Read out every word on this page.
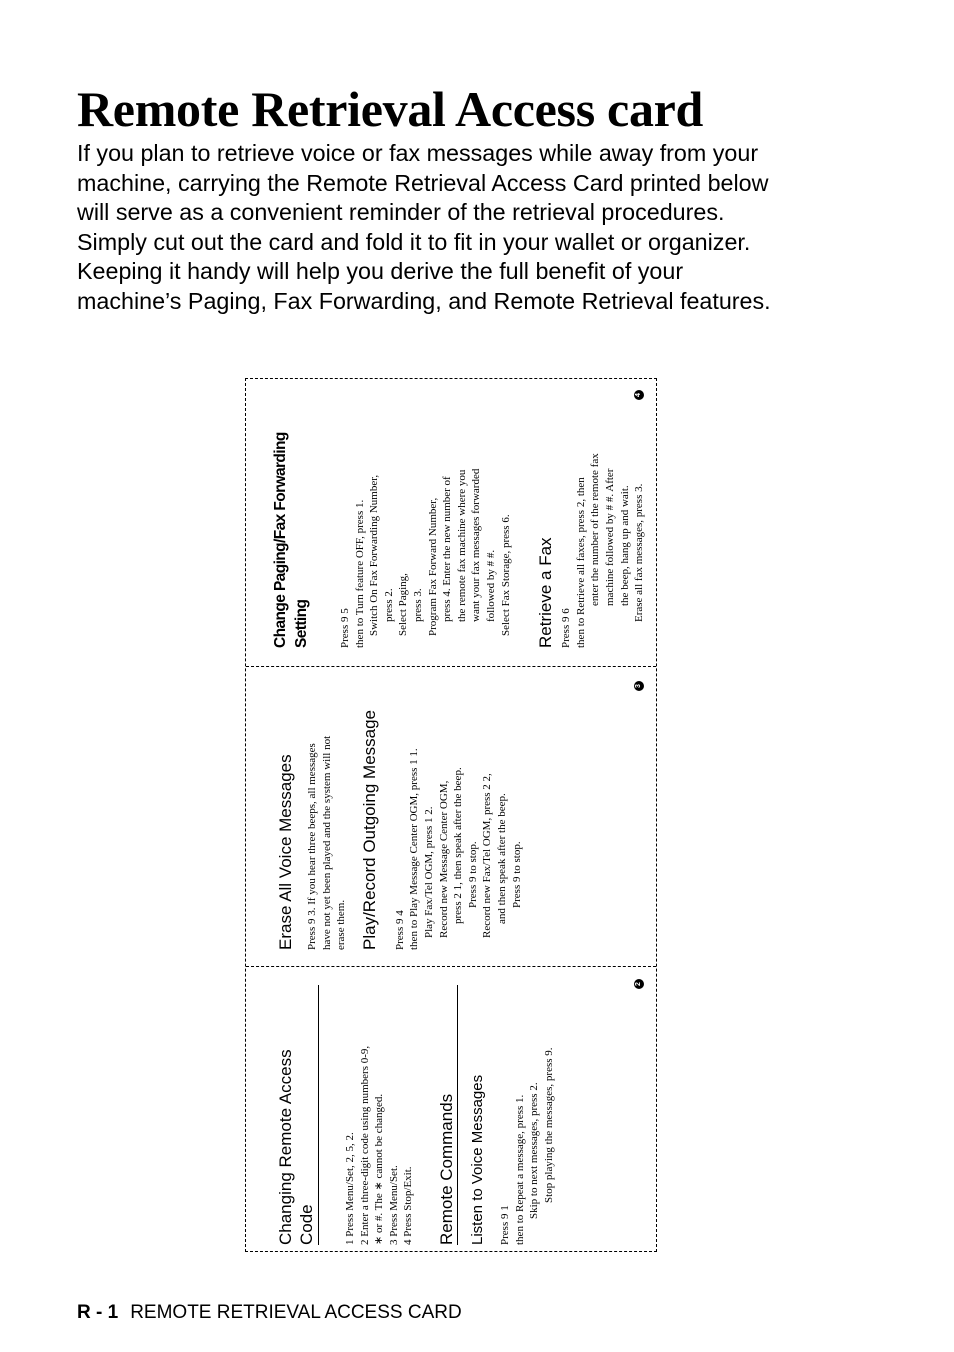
Remote Retrieval Access card
If you plan to retrieve voice or fax messages while away from your
machine, carrying the Remote Retrieval Access Card printed below
will serve as a convenient reminder of the retrieval procedures.
Simply cut out the card and fold it to fit in your wallet or organizer.
Keeping it handy will help you derive the full benefit of your
machine’s Paging, Fax Forwarding, and Remote Retrieval features.
Changing Remote Access Code	1 Press Menu/Set, 2, 5, 2. 2 Enter a three-digit code using numbers 0-9, ∗ or #. The ∗ cannot be changed. 3 Press Menu/Set. 4 Press Stop/Exit. Remote Commands Listen to Voice Messages Press 9 1 then to Repeat a message, press 1. Skip to next messages, press 2. Stop playing the messages, press 9.
2
Erase All Voice Messages Press 9 3. If you hear three beeps, all messages have not yet been played and the system will not erase them. Play/Record Outgoing Message Press 9 4 then to Play Message Center OGM, press 1 1. Play Fax/Tel OGM, press 1 2. Record new Message Center OGM, press 2 1, then speak after the beep. Press 9 to stop. Record new Fax/Tel OGM, press 2 2, and then speak after the beep. Press 9 to stop.
3
Change Paging/Fax Forwarding Setting	Press 9 5 then to Turn feature OFF, press 1. Switch On Fax Forwarding Number, press 2. Select Paging, press 3. Program Fax Forward Number, press 4. Enter the new number of the remote fax machine where you want your fax messages forwarded followed by # #. Select Fax Storage, press 6. Retrieve a Fax Press 9 6 then to Retrieve all faxes, press 2, then enter the number of the remote fax machine followed by # #. After the beep, hang up and wait. Erase all fax messages, press 3.
4
R - 1 REMOTE RETRIEVAL ACCESS CARD
